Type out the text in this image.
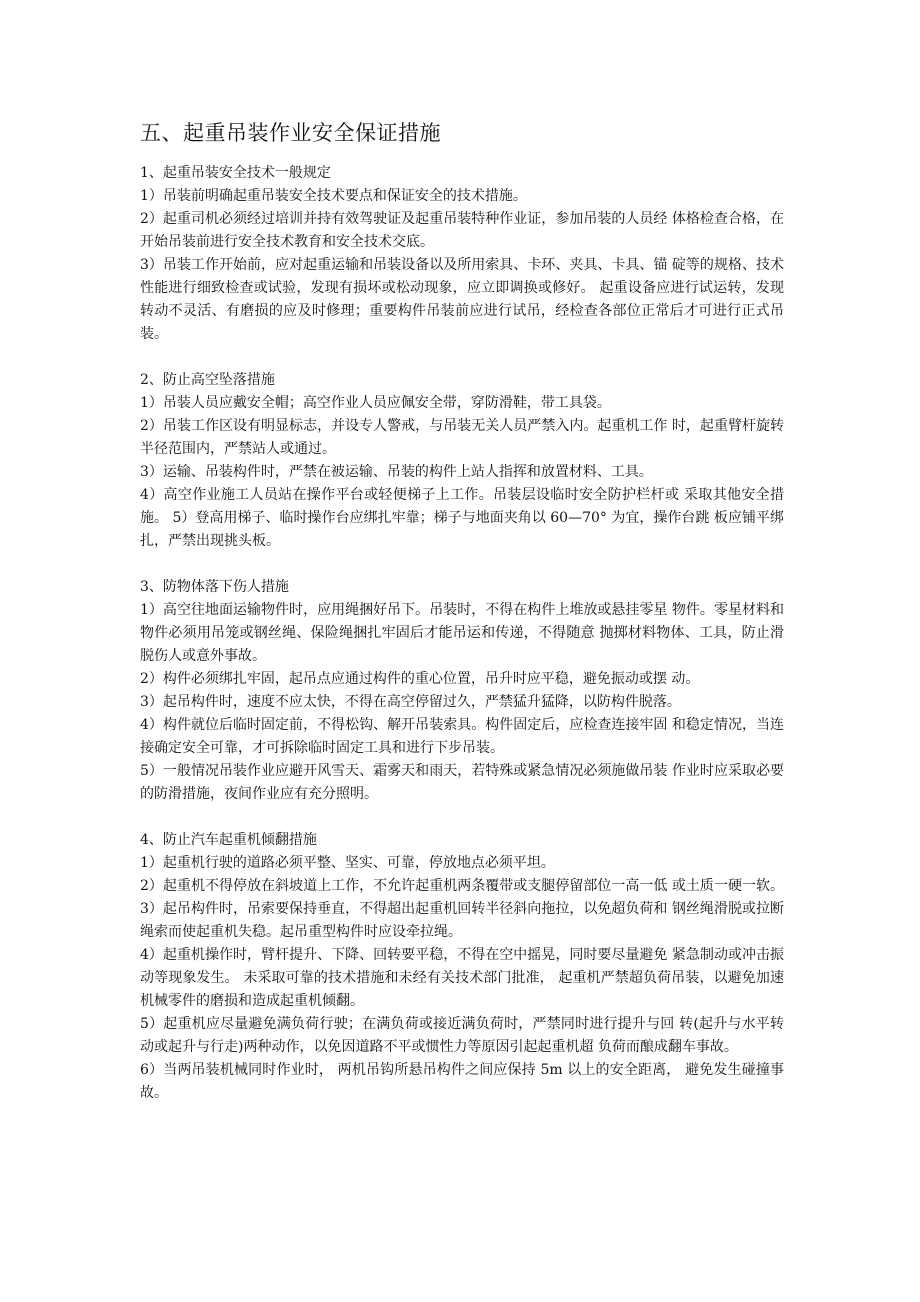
五、起重吊装作业安全保证措施

1、起重吊装安全技术一般规定

1）吊装前明确起重吊装安全技术要点和保证安全的技术措施。

2）起重司机必须经过培训并持有效驾驶证及起重吊装特种作业证，参加吊装的人员经 体格检查合格，在开始吊装前进行安全技术教育和安全技术交底。

3）吊装工作开始前，应对起重运输和吊装设备以及所用索具、卡环、夹具、卡具、锚 碇等的规格、技术性能进行细致检查或试验，发现有损坏或松动现象，应立即调换或修好。 起重设备应进行试运转，发现转动不灵活、有磨损的应及时修理；重要构件吊装前应进行试吊，经检查各部位正常后才可进行正式吊装。

2、防止高空坠落措施

1）吊装人员应戴安全帽；高空作业人员应佩安全带，穿防滑鞋，带工具袋。

2）吊装工作区设有明显标志，并设专人警戒，与吊装无关人员严禁入内。起重机工作 时，起重臂杆旋转半径范围内，严禁站人或通过。

3）运输、吊装构件时，严禁在被运输、吊装的构件上站人指挥和放置材料、工具。

4）高空作业施工人员站在操作平台或轻便梯子上工作。吊装层设临时安全防护栏杆或 采取其他安全措施。 5）登高用梯子、临时操作台应绑扎牢靠；梯子与地面夹角以 60—70° 为宜，操作台跳 板应铺平绑扎，严禁出现挑头板。

3、防物体落下伤人措施

1）高空往地面运输物件时，应用绳捆好吊下。吊装时，不得在构件上堆放或悬挂零星 物件。零星材料和物件必须用吊笼或钢丝绳、保险绳捆扎牢固后才能吊运和传递，不得随意 抛掷材料物体、工具，防止滑脱伤人或意外事故。

2）构件必须绑扎牢固，起吊点应通过构件的重心位置，吊升时应平稳，避免振动或摆 动。

3）起吊构件时，速度不应太快，不得在高空停留过久，严禁猛升猛降，以防构件脱落。

4）构件就位后临时固定前，不得松钩、解开吊装索具。构件固定后，应检查连接牢固 和稳定情况，当连接确定安全可靠，才可拆除临时固定工具和进行下步吊装。

5）一般情况吊装作业应避开风雪天、霜雾天和雨天，若特殊或紧急情况必须施做吊装 作业时应采取必要的防滑措施，夜间作业应有充分照明。

4、防止汽车起重机倾翻措施

1）起重机行驶的道路必须平整、坚实、可靠，停放地点必须平坦。

2）起重机不得停放在斜坡道上工作，不允许起重机两条覆带或支腿停留部位一高一低 或土质一硬一软。 3）起吊构件时，吊索要保持垂直，不得超出起重机回转半径斜向拖拉，以免超负荷和 钢丝绳滑脱或拉断绳索而使起重机失稳。起吊重型构件时应设牵拉绳。

4）起重机操作时，臂杆提升、下降、回转要平稳，不得在空中摇晃，同时要尽量避免 紧急制动或冲击振动等现象发生。 未采取可靠的技术措施和未经有关技术部门批准， 起重机严禁超负荷吊装，以避免加速机械零件的磨损和造成起重机倾翻。

5）起重机应尽量避免满负荷行驶；在满负荷或接近满负荷时，严禁同时进行提升与回 转(起升与水平转动或起升与行走)两种动作，以免因道路不平或惯性力等原因引起起重机超 负荷而酿成翻车事故。

6）当两吊装机械同时作业时， 两机吊钩所悬吊构件之间应保持 5m 以上的安全距离， 避免发生碰撞事故。
